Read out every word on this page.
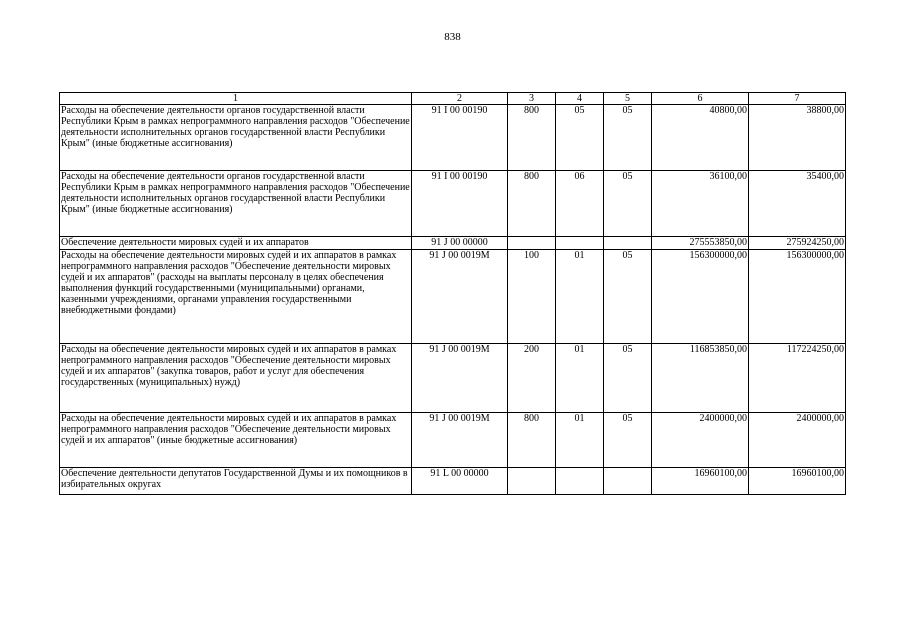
838
1	2	3	4	5	6	7
Расходы на обеспечение деятельности органов государственной власти Республики Крым в рамках непрограммного направления расходов "Обеспечение деятельности исполнительных органов государственной власти Республики Крым" (иные бюджетные ассигнования)	91 I 00 00190	800	05	05	40800,00	38800,00
Расходы на обеспечение деятельности органов государственной власти Республики Крым в рамках непрограммного направления расходов "Обеспечение деятельности исполнительных органов государственной власти Республики Крым" (иные бюджетные ассигнования)	91 I 00 00190	800	06	05	36100,00	35400,00
Обеспечение деятельности мировых судей и их аппаратов	91 J 00 00000				275553850,00	275924250,00
Расходы на обеспечение деятельности мировых судей и их аппаратов в рамках непрограммного направления расходов "Обеспечение деятельности мировых судей и их аппаратов" (расходы на выплаты персоналу в целях обеспечения выполнения функций государственными (муниципальными) органами, казенными учреждениями, органами управления государственными внебюджетными фондами)	91 J 00 0019M	100	01	05	156300000,00	156300000,00
Расходы на обеспечение деятельности мировых судей и их аппаратов в рамках непрограммного направления расходов "Обеспечение деятельности мировых судей и их аппаратов" (закупка товаров, работ и услуг для обеспечения государственных (муниципальных) нужд)	91 J 00 0019M	200	01	05	116853850,00	117224250,00
Расходы на обеспечение деятельности мировых судей и их аппаратов в рамках непрограммного направления расходов "Обеспечение деятельности мировых судей и их аппаратов" (иные бюджетные ассигнования)	91 J 00 0019M	800	01	05	2400000,00	2400000,00
Обеспечение деятельности депутатов Государственной Думы и их помощников в избирательных округах	91 L 00 00000				16960100,00	16960100,00
